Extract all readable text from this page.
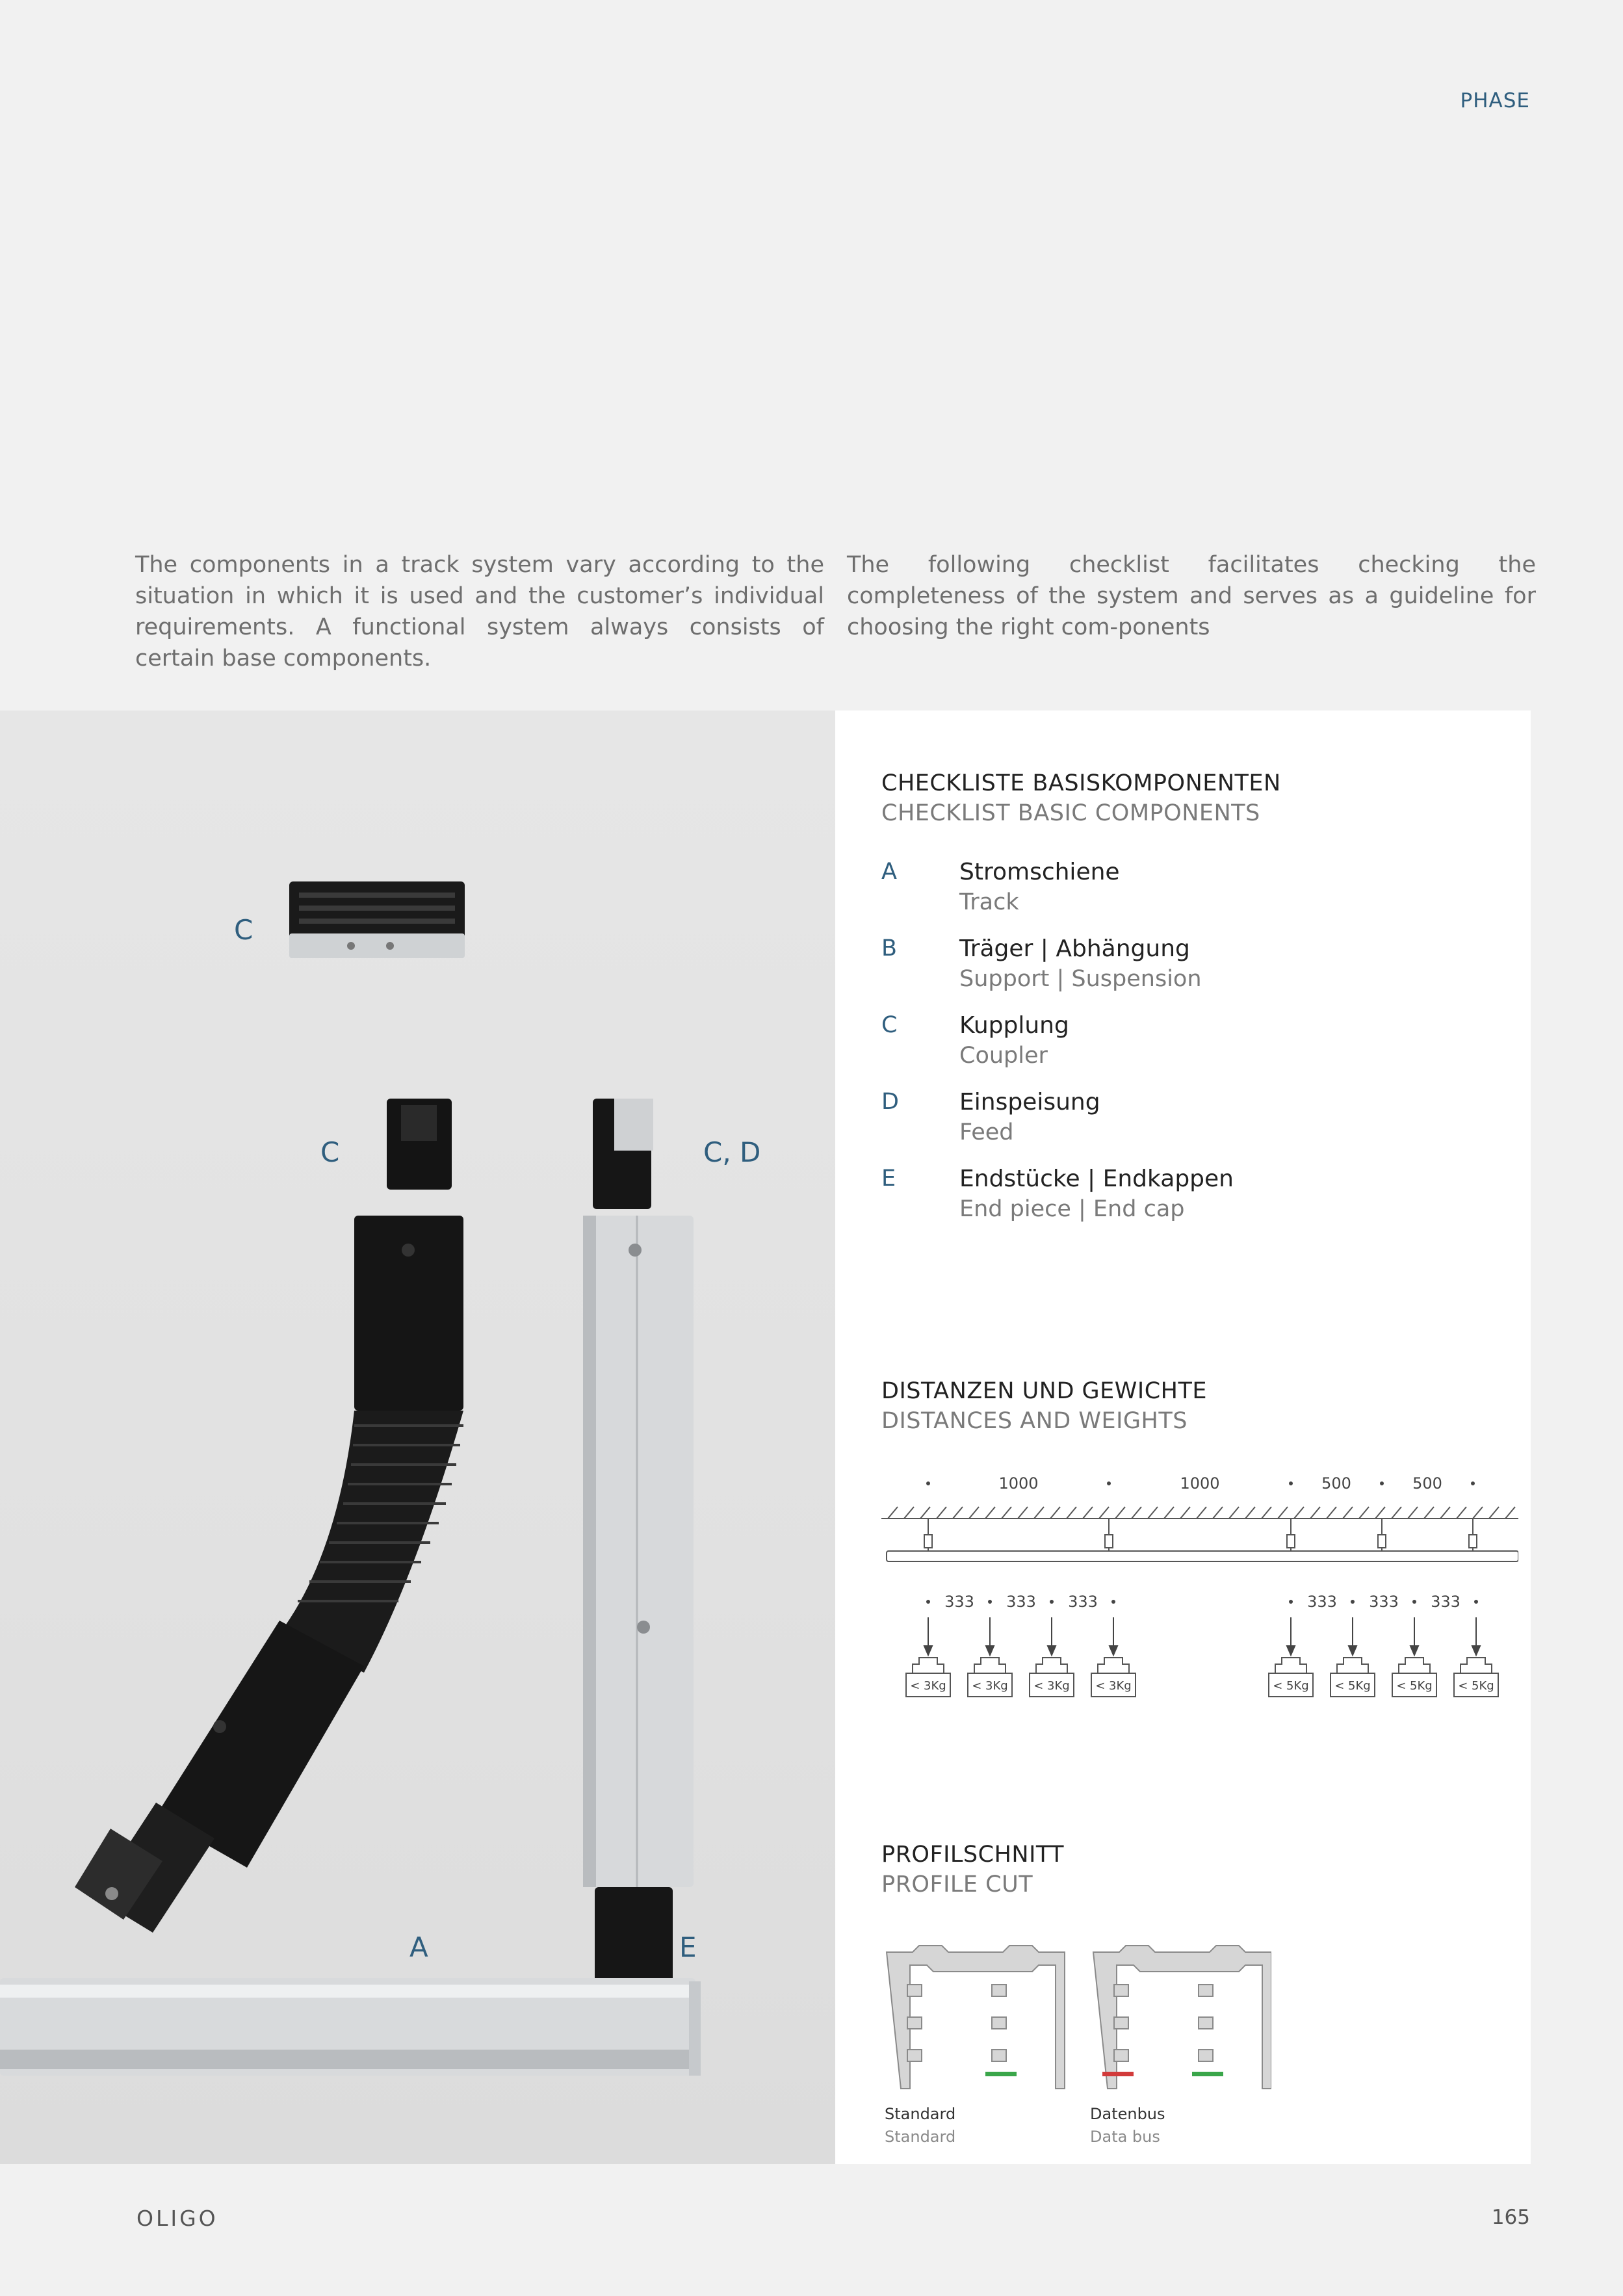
PHASE
The components in a track system vary according to the situation in which it is used and the customer’s individual requirements. A functional system always consists of certain base components.
The following checklist facilitates checking the completeness of the system and serves as a guideline for choosing the right com-ponents
C
C	C, D
A	E
CHECKLISTE BASISKOMPONENTEN
CHECKLIST BASIC COMPONENTS
A	Stromschiene
Track
B	Träger | Abhängung
Support | Suspension
C	Kupplung
Coupler
D	Einspeisung
Feed
E	Endstücke | Endkappen
End piece | End cap
DISTANZEN UND GEWICHTE
DISTANCES AND WEIGHTS
1000	1000	500	500
333 333 333	333 333 333
< 3Kg < 3Kg < 3Kg < 3Kg	< 5Kg < 5Kg < 5Kg < 5Kg
PROFILSCHNITT
PROFILE CUT
Standard
Standard
Datenbus
Data bus
OLIGO	165
